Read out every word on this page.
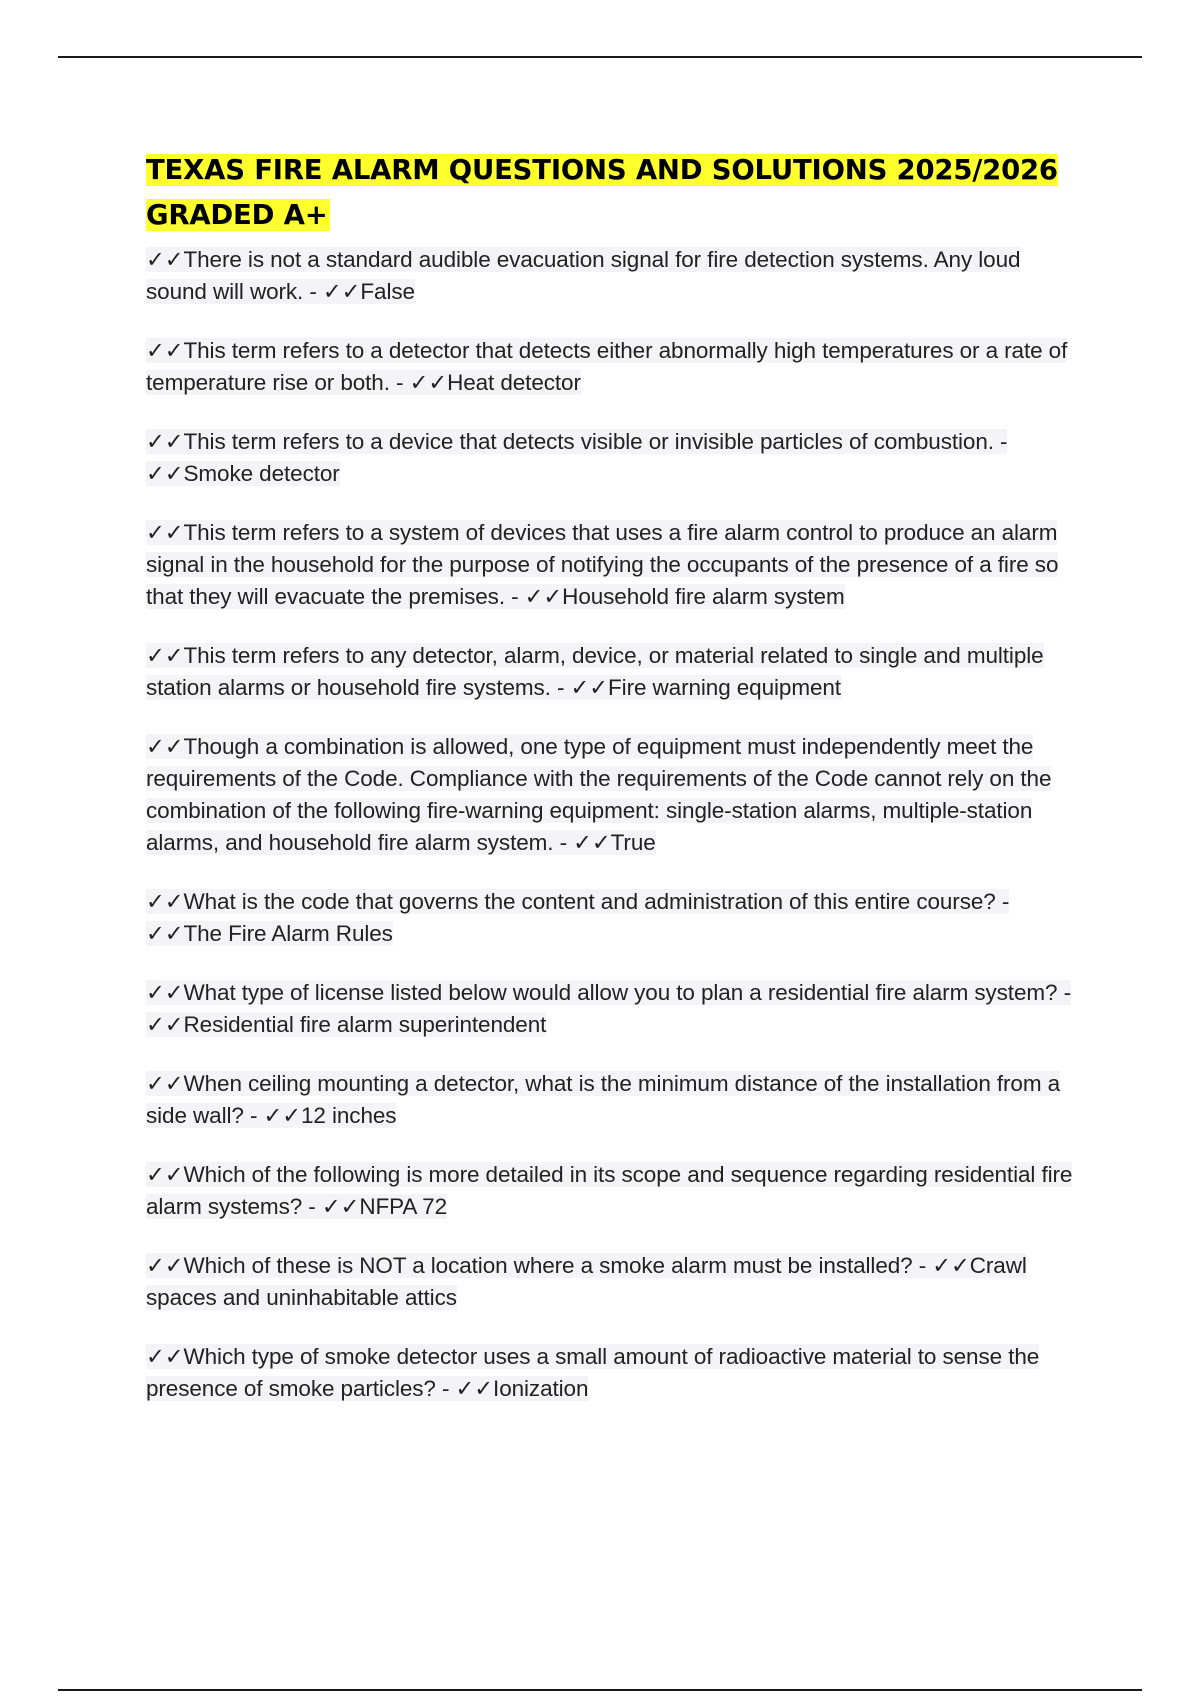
TEXAS FIRE ALARM QUESTIONS AND SOLUTIONS 2025/2026 GRADED A+
✓✓There is not a standard audible evacuation signal for fire detection systems. Any loud sound will work. - ✓✓False
✓✓This term refers to a detector that detects either abnormally high temperatures or a rate of temperature rise or both. - ✓✓Heat detector
✓✓This term refers to a device that detects visible or invisible particles of combustion. - ✓✓Smoke detector
✓✓This term refers to a system of devices that uses a fire alarm control to produce an alarm signal in the household for the purpose of notifying the occupants of the presence of a fire so that they will evacuate the premises. - ✓✓Household fire alarm system
✓✓This term refers to any detector, alarm, device, or material related to single and multiple station alarms or household fire systems. - ✓✓Fire warning equipment
✓✓Though a combination is allowed, one type of equipment must independently meet the requirements of the Code. Compliance with the requirements of the Code cannot rely on the combination of the following fire-warning equipment: single-station alarms, multiple-station alarms, and household fire alarm system. - ✓✓True
✓✓What is the code that governs the content and administration of this entire course? - ✓✓The Fire Alarm Rules
✓✓What type of license listed below would allow you to plan a residential fire alarm system? - ✓✓Residential fire alarm superintendent
✓✓When ceiling mounting a detector, what is the minimum distance of the installation from a side wall? - ✓✓12 inches
✓✓Which of the following is more detailed in its scope and sequence regarding residential fire alarm systems? - ✓✓NFPA 72
✓✓Which of these is NOT a location where a smoke alarm must be installed? - ✓✓Crawl spaces and uninhabitable attics
✓✓Which type of smoke detector uses a small amount of radioactive material to sense the presence of smoke particles? - ✓✓Ionization
